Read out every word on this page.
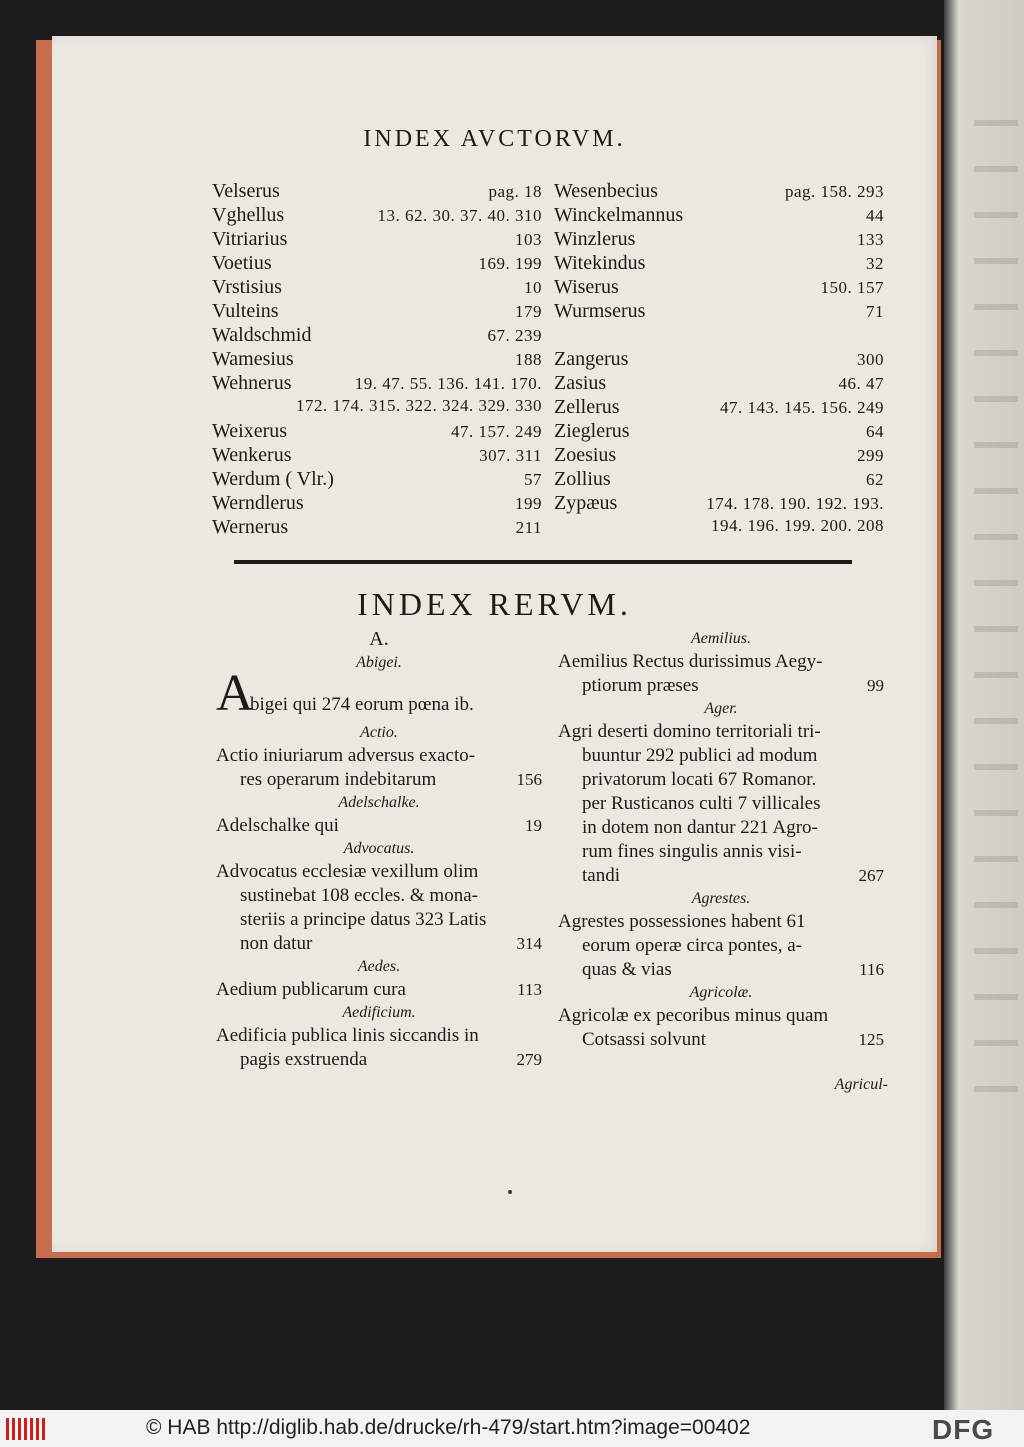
INDEX AVCTORVM.
Velserus	pag. 18
Vghellus	13. 62. 30. 37. 40. 310
Vitriarius	103
Voetius	169. 199
Vrstisius	10
Vulteins	179
Waldschmid	67. 239
Wamesius	188
Wehnerus	19. 47. 55. 136. 141. 170.
172. 174. 315. 322. 324. 329. 330
Weixerus	47. 157. 249
Wenkerus	307. 311
Werdum ( Vlr.)	57
Werndlerus	199
Wernerus	211
Wesenbecius	pag. 158. 293
Winckelmannus	44
Winzlerus	133
Witekindus	32
Wiserus	150. 157
Wurmserus	71
Zangerus	300
Zasius	46. 47
Zellerus	47. 143. 145. 156. 249
Zieglerus	64
Zoesius	299
Zollius	62
Zypæus	174. 178. 190. 192. 193.
194. 196. 199. 200. 208
INDEX RERVM.
A.
Abigei.
A
bigei qui 274 eorum pœna ib.
Actio.
Actio iniuriarum adversus exacto-
res operarum indebitarum	156
Adelschalke.
Adelschalke qui	19
Advocatus.
Advocatus ecclesiæ vexillum olim
sustinebat 108 eccles. & mona-
steriis a principe datus 323 Latis
non datur	314
Aedes.
Aedium publicarum cura	113
Aedificium.
Aedificia publica linis siccandis in
pagis exstruenda	279
Aemilius.
Aemilius Rectus durissimus Aegy-
ptiorum præses	99
Ager.
Agri deserti domino territoriali tri-
buuntur 292 publici ad modum
privatorum locati 67 Romanor.
per Rusticanos culti 7 villicales
in dotem non dantur 221 Agro-
rum fines singulis annis visi-
tandi	267
Agrestes.
Agrestes possessiones habent 61
eorum operæ circa pontes, a-
quas & vias	116
Agricolæ.
Agricolæ ex pecoribus minus quam
Cotsassi solvunt	125
Agricul-
© HAB http://diglib.hab.de/drucke/rh-479/start.htm?image=00402	DFG
